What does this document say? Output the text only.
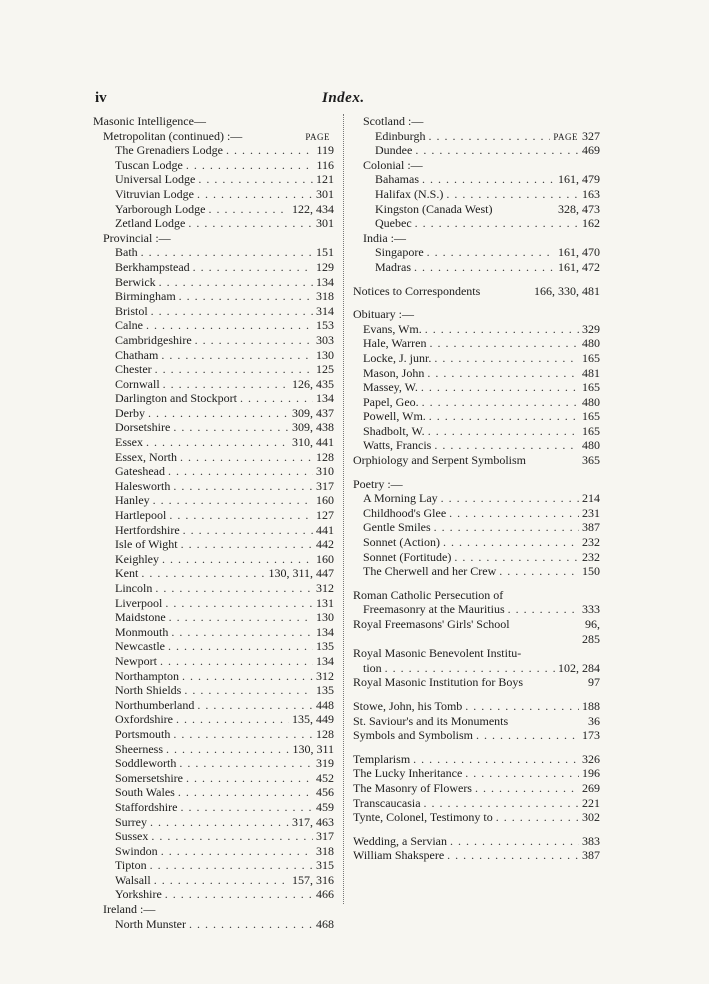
iv	Index.
Masonic Intelligence—
Metropolitan (continued) :—	PAGE
The Grenadiers Lodge . . .	119
Tuscan Lodge . . .	116
Universal Lodge . . .	121
Vitruvian Lodge . . .	301
Yarborough Lodge . . .	122, 434
Zetland Lodge . . .	301
Provincial :—
Bath . . .	151
Berkhampstead . . .	129
Berwick . . .	134
Birmingham . . .	318
Bristol . . .	314
Calne . . .	153
Cambridgeshire . . .	303
Chatham . . .	130
Chester . . .	125
Cornwall . . .	126, 435
Darlington and Stockport . . .	134
Derby . . .	309, 437
Dorsetshire . . .	309, 438
Essex . . .	310, 441
Essex, North . . .	128
Gateshead . . .	310
Halesworth . . .	317
Hanley . . .	160
Hartlepool . . .	127
Hertfordshire . . .	441
Isle of Wight . . .	442
Keighley . . .	160
Kent . . .	130, 311, 447
Lincoln . . .	312
Liverpool . . .	131
Maidstone . . .	130
Monmouth . . .	134
Newcastle . . .	135
Newport . . .	134
Northampton . . .	312
North Shields . . .	135
Northumberland . . .	448
Oxfordshire . . .	135, 449
Portsmouth . . .	128
Sheerness . . .	130, 311
Soddleworth . . .	319
Somersetshire . . .	452
South Wales . . .	456
Staffordshire . . .	459
Surrey . . .	317, 463
Sussex . . .	317
Swindon . . .	318
Tipton . . .	315
Walsall . . .	157, 316
Yorkshire . . .	466
Ireland :—
North Munster . . .	468
Scotland :—
Edinburgh . . .	PAGE 327
Dundee . . .	469
Colonial :—
Bahamas . . .	161, 479
Halifax (N.S.) . . .	163
Kingston (Canada West)	328, 473
Quebec . . .	162
India :—
Singapore . . .	161, 470
Madras . . .	161, 472
Notices to Correspondents	166, 330, 481
Obituary :—
Evans, Wm. . . .	329
Hale, Warren . . .	480
Locke, J. junr. . . .	165
Mason, John . . .	481
Massey, W. . . .	165
Papel, Geo. . . .	480
Powell, Wm. . . .	165
Shadbolt, W. . . .	165
Watts, Francis . . .	480
Orphiology and Serpent Symbolism	365
Poetry :—
A Morning Lay . . .	214
Childhood's Glee . . .	231
Gentle Smiles . . .	387
Sonnet (Action) . . .	232
Sonnet (Fortitude) . . .	232
The Cherwell and her Crew . . .	150
Roman Catholic Persecution of
Freemasonry at the Mauritius . . .	333
Royal Freemasons' Girls' School	96,
285
Royal Masonic Benevolent Institu-
tion . . .	102, 284
Royal Masonic Institution for Boys	97
Stowe, John, his Tomb . . .	188
St. Saviour's and its Monuments	36
Symbols and Symbolism . . .	173
Templarism . . .	326
The Lucky Inheritance . . .	196
The Masonry of Flowers . . .	269
Transcaucasia . . .	221
Tynte, Colonel, Testimony to . . .	302
Wedding, a Servian . . .	383
William Shakspere . . .	387
